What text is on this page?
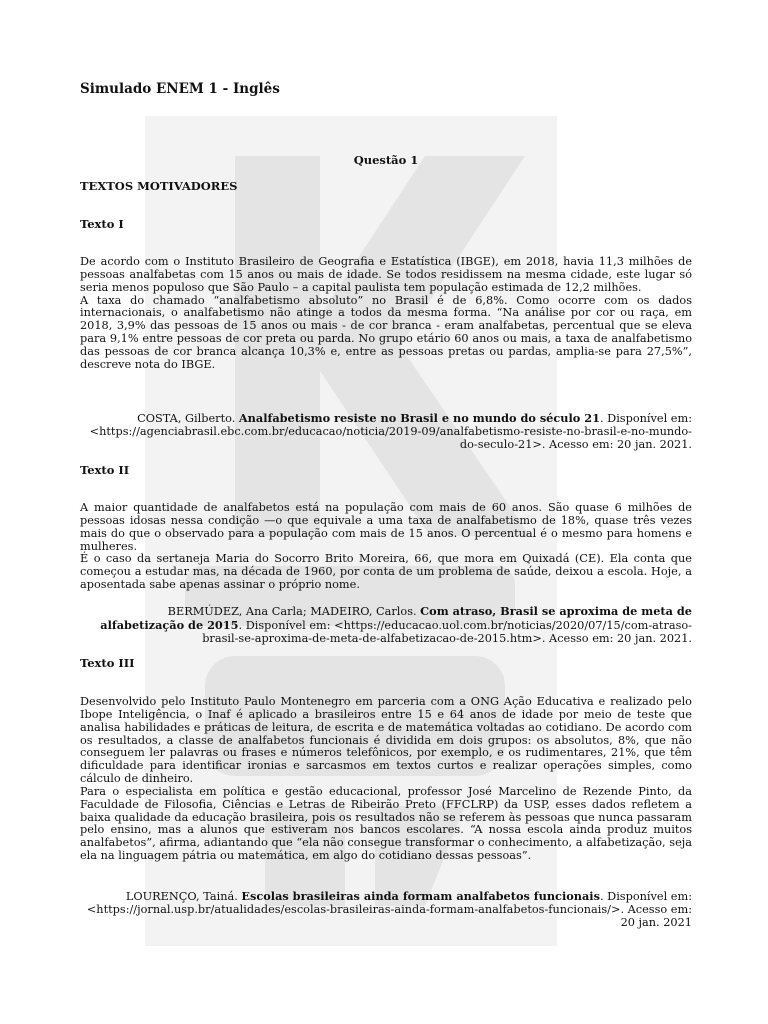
Simulado ENEM 1 - Inglês
Questão 1
TEXTOS MOTIVADORES
Texto I

De acordo com o Instituto Brasileiro de Geografia e Estatística (IBGE), em 2018, havia 11,3 milhões de pessoas analfabetas com 15 anos ou mais de idade. Se todos residissem na mesma cidade, este lugar só seria menos populoso que São Paulo – a capital paulista tem população estimada de 12,2 milhões.

A taxa do chamado “analfabetismo absoluto” no Brasil é de 6,8%. Como ocorre com os dados internacionais, o analfabetismo não atinge a todos da mesma forma. “Na análise por cor ou raça, em 2018, 3,9% das pessoas de 15 anos ou mais - de cor branca - eram analfabetas, percentual que se eleva para 9,1% entre pessoas de cor preta ou parda. No grupo etário 60 anos ou mais, a taxa de analfabetismo das pessoas de cor branca alcança 10,3% e, entre as pessoas pretas ou pardas, amplia-se para 27,5%”, descreve nota do IBGE.

COSTA, Gilberto. Analfabetismo resiste no Brasil e no mundo do século 21. Disponível em: <https://agenciabrasil.ebc.com.br/educacao/noticia/2019-09/analfabetismo-resiste-no-brasil-e-no-mundo-do-seculo-21>. Acesso em: 20 jan. 2021.
Texto II

A maior quantidade de analfabetos está na população com mais de 60 anos. São quase 6 milhões de pessoas idosas nessa condição —o que equivale a uma taxa de analfabetismo de 18%, quase três vezes mais do que o observado para a população com mais de 15 anos. O percentual é o mesmo para homens e mulheres.

É o caso da sertaneja Maria do Socorro Brito Moreira, 66, que mora em Quixadá (CE). Ela conta que começou a estudar mas, na década de 1960, por conta de um problema de saúde, deixou a escola. Hoje, a aposentada sabe apenas assinar o próprio nome.

BERMÚDEZ, Ana Carla; MADEIRO, Carlos. Com atraso, Brasil se aproxima de meta de alfabetização de 2015. Disponível em: <https://educacao.uol.com.br/noticias/2020/07/15/com-atraso-brasil-se-aproxima-de-meta-de-alfabetizacao-de-2015.htm>. Acesso em: 20 jan. 2021.
Texto III

Desenvolvido pelo Instituto Paulo Montenegro em parceria com a ONG Ação Educativa e realizado pelo Ibope Inteligência, o Inaf é aplicado a brasileiros entre 15 e 64 anos de idade por meio de teste que analisa habilidades e práticas de leitura, de escrita e de matemática voltadas ao cotidiano. De acordo com os resultados, a classe de analfabetos funcionais é dividida em dois grupos: os absolutos, 8%, que não conseguem ler palavras ou frases e números telefônicos, por exemplo, e os rudimentares, 21%, que têm dificuldade para identificar ironias e sarcasmos em textos curtos e realizar operações simples, como cálculo de dinheiro.

Para o especialista em política e gestão educacional, professor José Marcelino de Rezende Pinto, da Faculdade de Filosofia, Ciências e Letras de Ribeirão Preto (FFCLRP) da USP, esses dados refletem a baixa qualidade da educação brasileira, pois os resultados não se referem às pessoas que nunca passaram pelo ensino, mas a alunos que estiveram nos bancos escolares. “A nossa escola ainda produz muitos analfabetos”, afirma, adiantando que “ela não consegue transformar o conhecimento, a alfabetização, seja ela na linguagem pátria ou matemática, em algo do cotidiano dessas pessoas”.

LOURENÇO, Tainá. Escolas brasileiras ainda formam analfabetos funcionais. Disponível em: <https://jornal.usp.br/atualidades/escolas-brasileiras-ainda-formam-analfabetos-funcionais/>. Acesso em: 20 jan. 2021
